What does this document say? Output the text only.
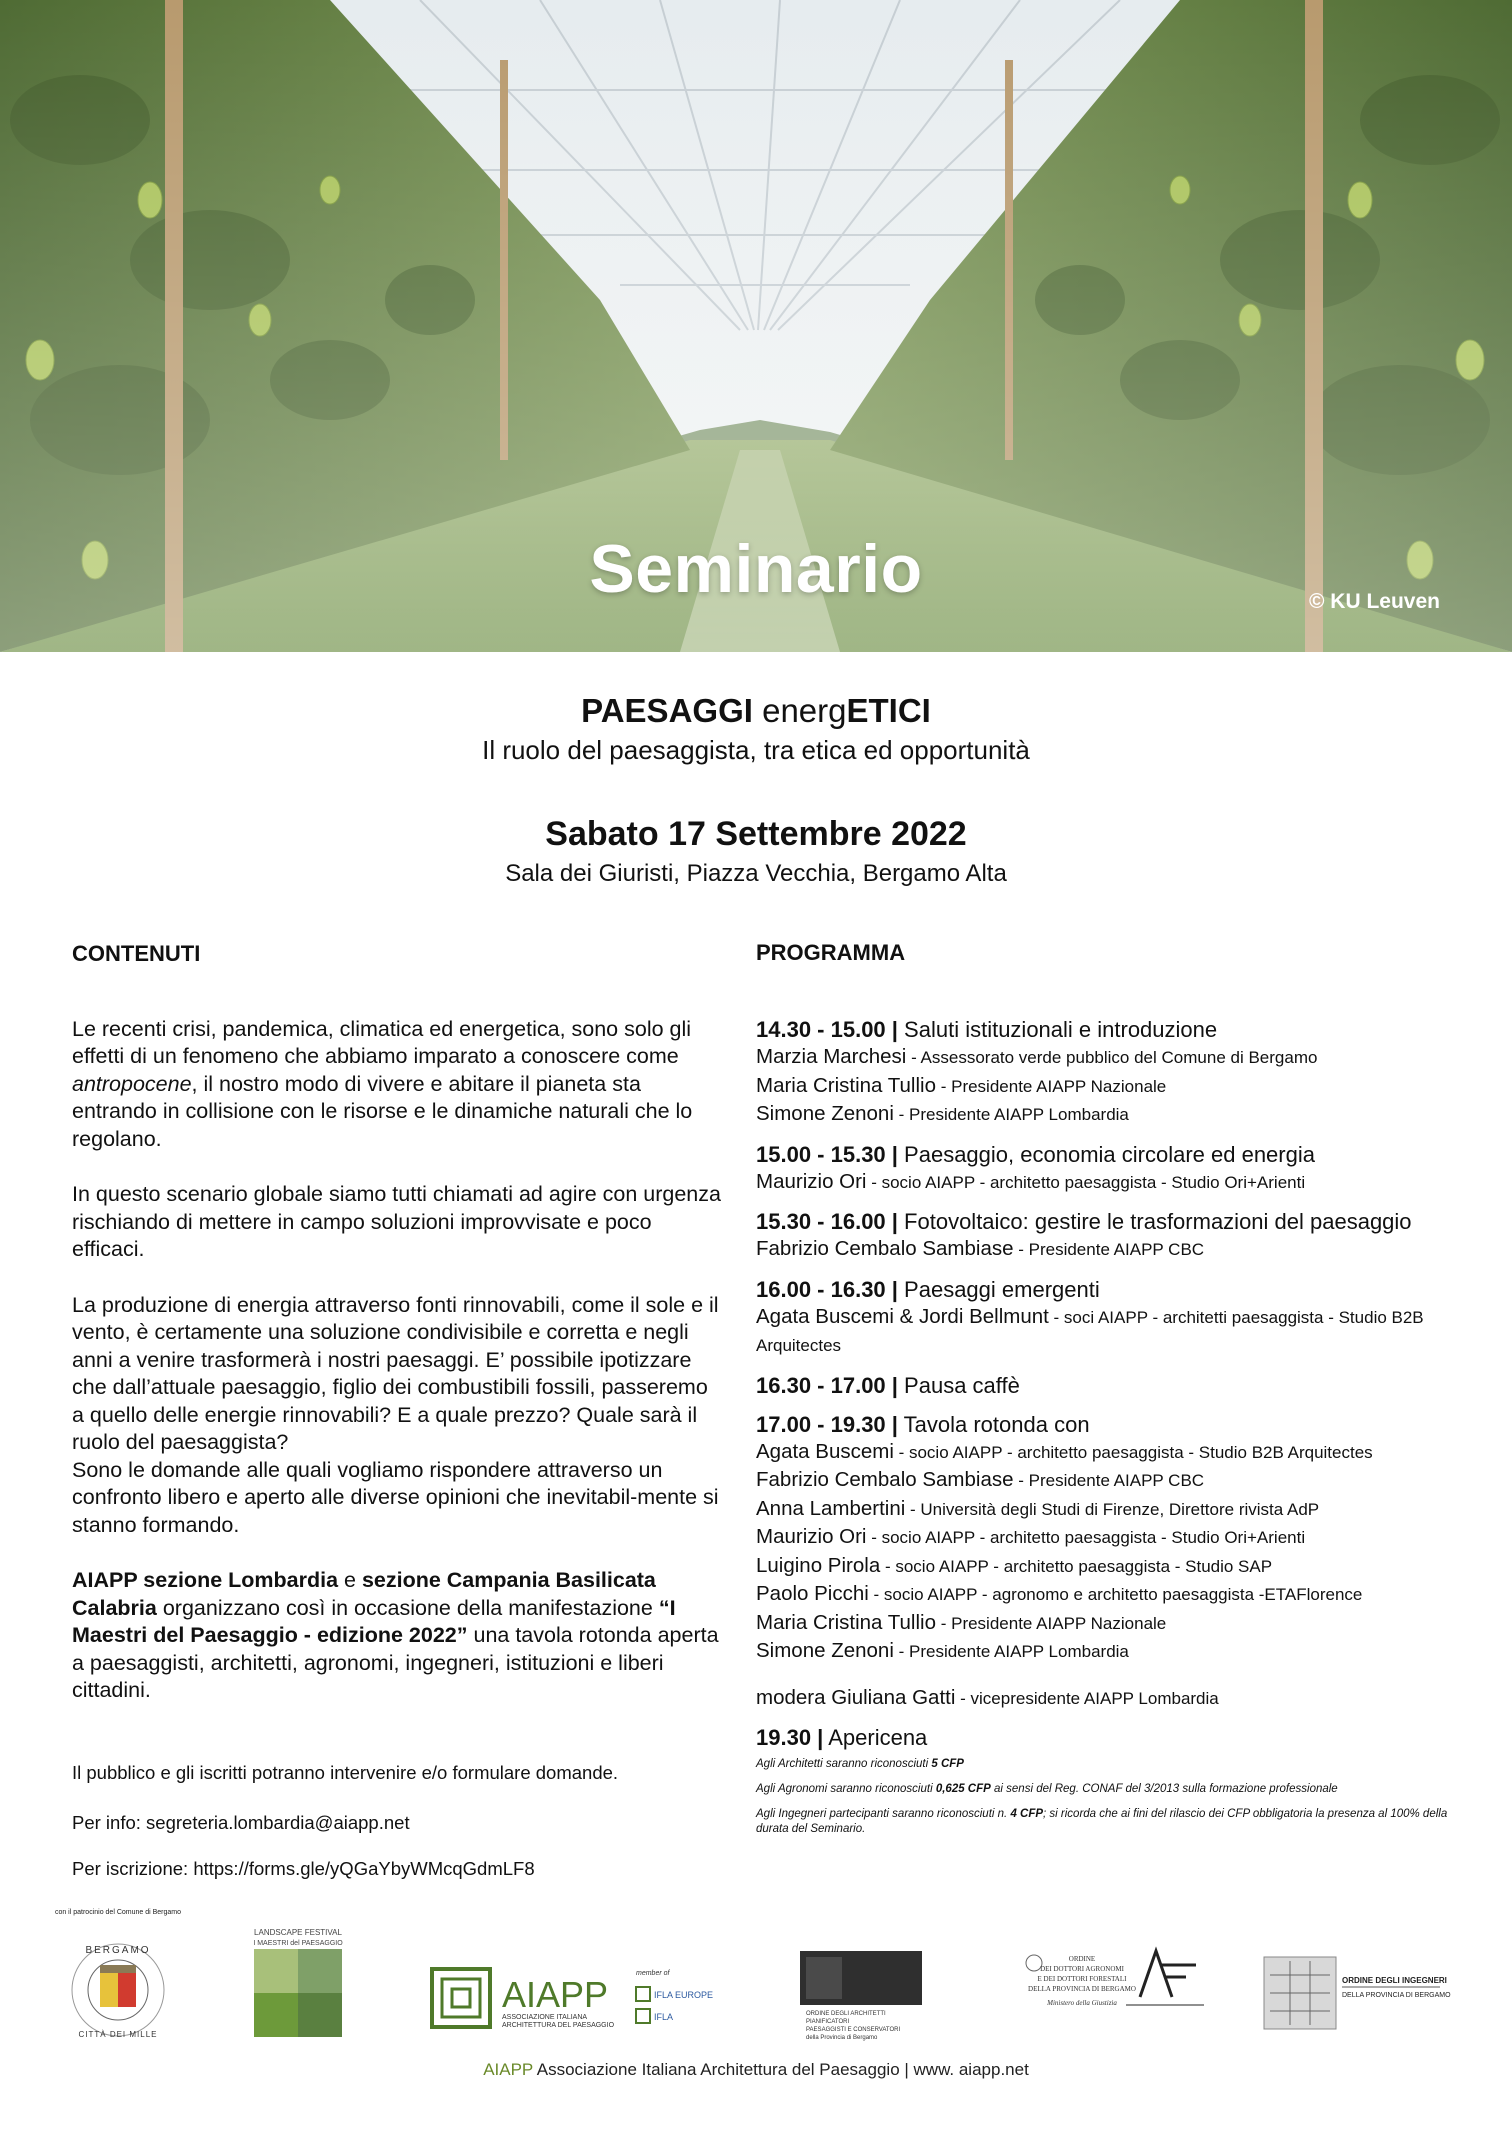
Seminario	© KU Leuven
PAESAGGI energETICI
Il ruolo del paesaggista, tra etica ed opportunità
Sabato 17 Settembre 2022
Sala dei Giuristi, Piazza Vecchia, Bergamo Alta

CONTENUTI

Le recenti crisi, pandemica, climatica ed energetica, sono solo gli effetti di un fenomeno che abbiamo imparato a conoscere come antropocene, il nostro modo di vivere e abitare il pianeta sta entrando in collisione con le risorse e le dinamiche naturali che lo regolano.

In questo scenario globale siamo tutti chiamati ad agire con urgenza rischiando di mettere in campo soluzioni improvvisate e poco efficaci.

La produzione di energia attraverso fonti rinnovabili, come il sole e il vento, è certamente una soluzione condivisibile e corretta e negli anni a venire trasformerà i nostri paesaggi. E’ possibile ipotizzare che dall’attuale paesaggio, figlio dei combustibili fossili, passeremo a quello delle energie rinnovabili? E a quale prezzo? Quale sarà il ruolo del paesaggista?

Sono le domande alle quali vogliamo rispondere attraverso un confronto libero e aperto alle diverse opinioni che inevitabil-mente si stanno formando.

AIAPP sezione Lombardia e sezione Campania Basilicata Calabria organizzano così in occasione della manifestazione “I Maestri del Paesaggio - edizione 2022” una tavola rotonda aperta a paesaggisti, architetti, agronomi, ingegneri, istituzioni e liberi cittadini.

Il pubblico e gli iscritti potranno intervenire e/o formulare domande.

Per info: segreteria.lombardia@aiapp.net

Per iscrizione: https://forms.gle/yQGaYbyWMcqGdmLF8

PROGRAMMA

14.30 - 15.00 | Saluti istituzionali e introduzione
Marzia Marchesi - Assessorato verde pubblico del Comune di Bergamo
Maria Cristina Tullio - Presidente AIAPP Nazionale
Simone Zenoni - Presidente AIAPP Lombardia
15.00 - 15.30 | Paesaggio, economia circolare ed energia
Maurizio Ori - socio AIAPP - architetto paesaggista - Studio Ori+Arienti
15.30 - 16.00 | Fotovoltaico: gestire le trasformazioni del paesaggio
Fabrizio Cembalo Sambiase - Presidente AIAPP CBC
16.00 - 16.30 | Paesaggi emergenti
Agata Buscemi & Jordi Bellmunt - soci AIAPP - architetti paesaggista - Studio B2B Arquitectes
16.30 - 17.00 | Pausa caffè
17.00 - 19.30 | Tavola rotonda con
Agata Buscemi - socio AIAPP - architetto paesaggista - Studio B2B Arquitectes
Fabrizio Cembalo Sambiase - Presidente AIAPP CBC
Anna Lambertini - Università degli Studi di Firenze, Direttore rivista AdP
Maurizio Ori - socio AIAPP - architetto paesaggista - Studio Ori+Arienti
Luigino Pirola - socio AIAPP - architetto paesaggista - Studio SAP
Paolo Picchi - socio AIAPP - agronomo e architetto paesaggista -ETAFlorence
Maria Cristina Tullio - Presidente AIAPP Nazionale
Simone Zenoni - Presidente AIAPP Lombardia
modera Giuliana Gatti - vicepresidente AIAPP Lombardia
19.30 | Apericena
Agli Architetti saranno riconosciuti 5 CFP
Agli Agronomi saranno riconosciuti 0,625 CFP ai sensi del Reg. CONAF del 3/2013 sulla formazione professionale
Agli Ingegneri partecipanti saranno riconosciuti n. 4 CFP; si ricorda che ai fini del rilascio dei CFP obbligatoria la presenza al 100% della durata del Seminario.
con il patrocinio del Comune di Bergamo
BERGAMO
CITTÀ DEI MILLE
LANDSCAPE FESTIVAL
I MAESTRI del PAESAGGIO
AIAPP
ASSOCIAZIONE ITALIANA
ARCHITETTURA DEL PAESAGGIO
member of
IFLA EUROPE
IFLA	ORDINE DEGLI ARCHITETTI
PIANIFICATORI
PAESAGGISTI E CONSERVATORI
della Provincia di Bergamo
ORDINE
DEI DOTTORI AGRONOMI
E DEI DOTTORI FORESTALI
DELLA PROVINCIA DI BERGAMO
Ministero della Giustizia
ORDINE DEGLI INGEGNERI
DELLA PROVINCIA DI BERGAMO
AIAPP Associazione Italiana Architettura del Paesaggio | www. aiapp.net
